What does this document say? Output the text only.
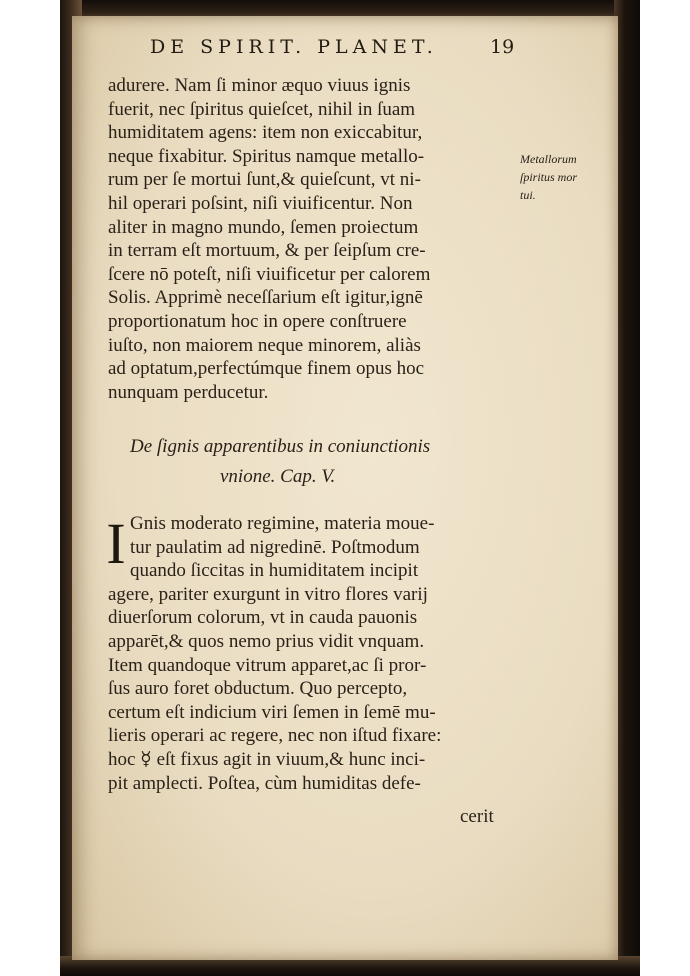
DE SPIRIT. PLANET.	19
adurere. Nam ſi minor æquo viuus ignis
fuerit, nec ſpiritus quieſcet, nihil in ſuam
humiditatem agens: item non exiccabitur,
neque fixabitur. Spiritus namque metallo-
rum per ſe mortui ſunt,& quieſcunt, vt ni-
hil operari poſsint, niſi viuificentur. Non
aliter in magno mundo, ſemen proiectum
in terram eſt mortuum, & per ſeipſum cre-
ſcere nō poteſt, niſi viuificetur per calorem
Solis. Apprimè neceſſarium eſt igitur,ignē
proportionatum hoc in opere conſtruere
iuſto, non maiorem neque minorem, aliàs
ad optatum,perfectúmque finem opus hoc
nunquam perducetur.
Metallorum
ſpiritus mor
tui.
De ſignis apparentibus in coniunctionis
vnione. Cap. V.
I Gnis moderato regimine, materia moue-
tur paulatim ad nigredinē. Poſtmodum
quando ſiccitas in humiditatem incipit
agere, pariter exurgunt in vitro flores varij
diuerſorum colorum, vt in cauda pauonis
apparēt,& quos nemo prius vidit vnquam.
Item quandoque vitrum apparet,ac ſi pror-
ſus auro foret obductum. Quo percepto,
certum eſt indicium viri ſemen in ſemē mu-
lieris operari ac regere, nec non iſtud fixare:
hoc ☿ eſt fixus agit in viuum,& hunc inci-
pit amplecti. Poſtea, cùm humiditas defe-
cerit
